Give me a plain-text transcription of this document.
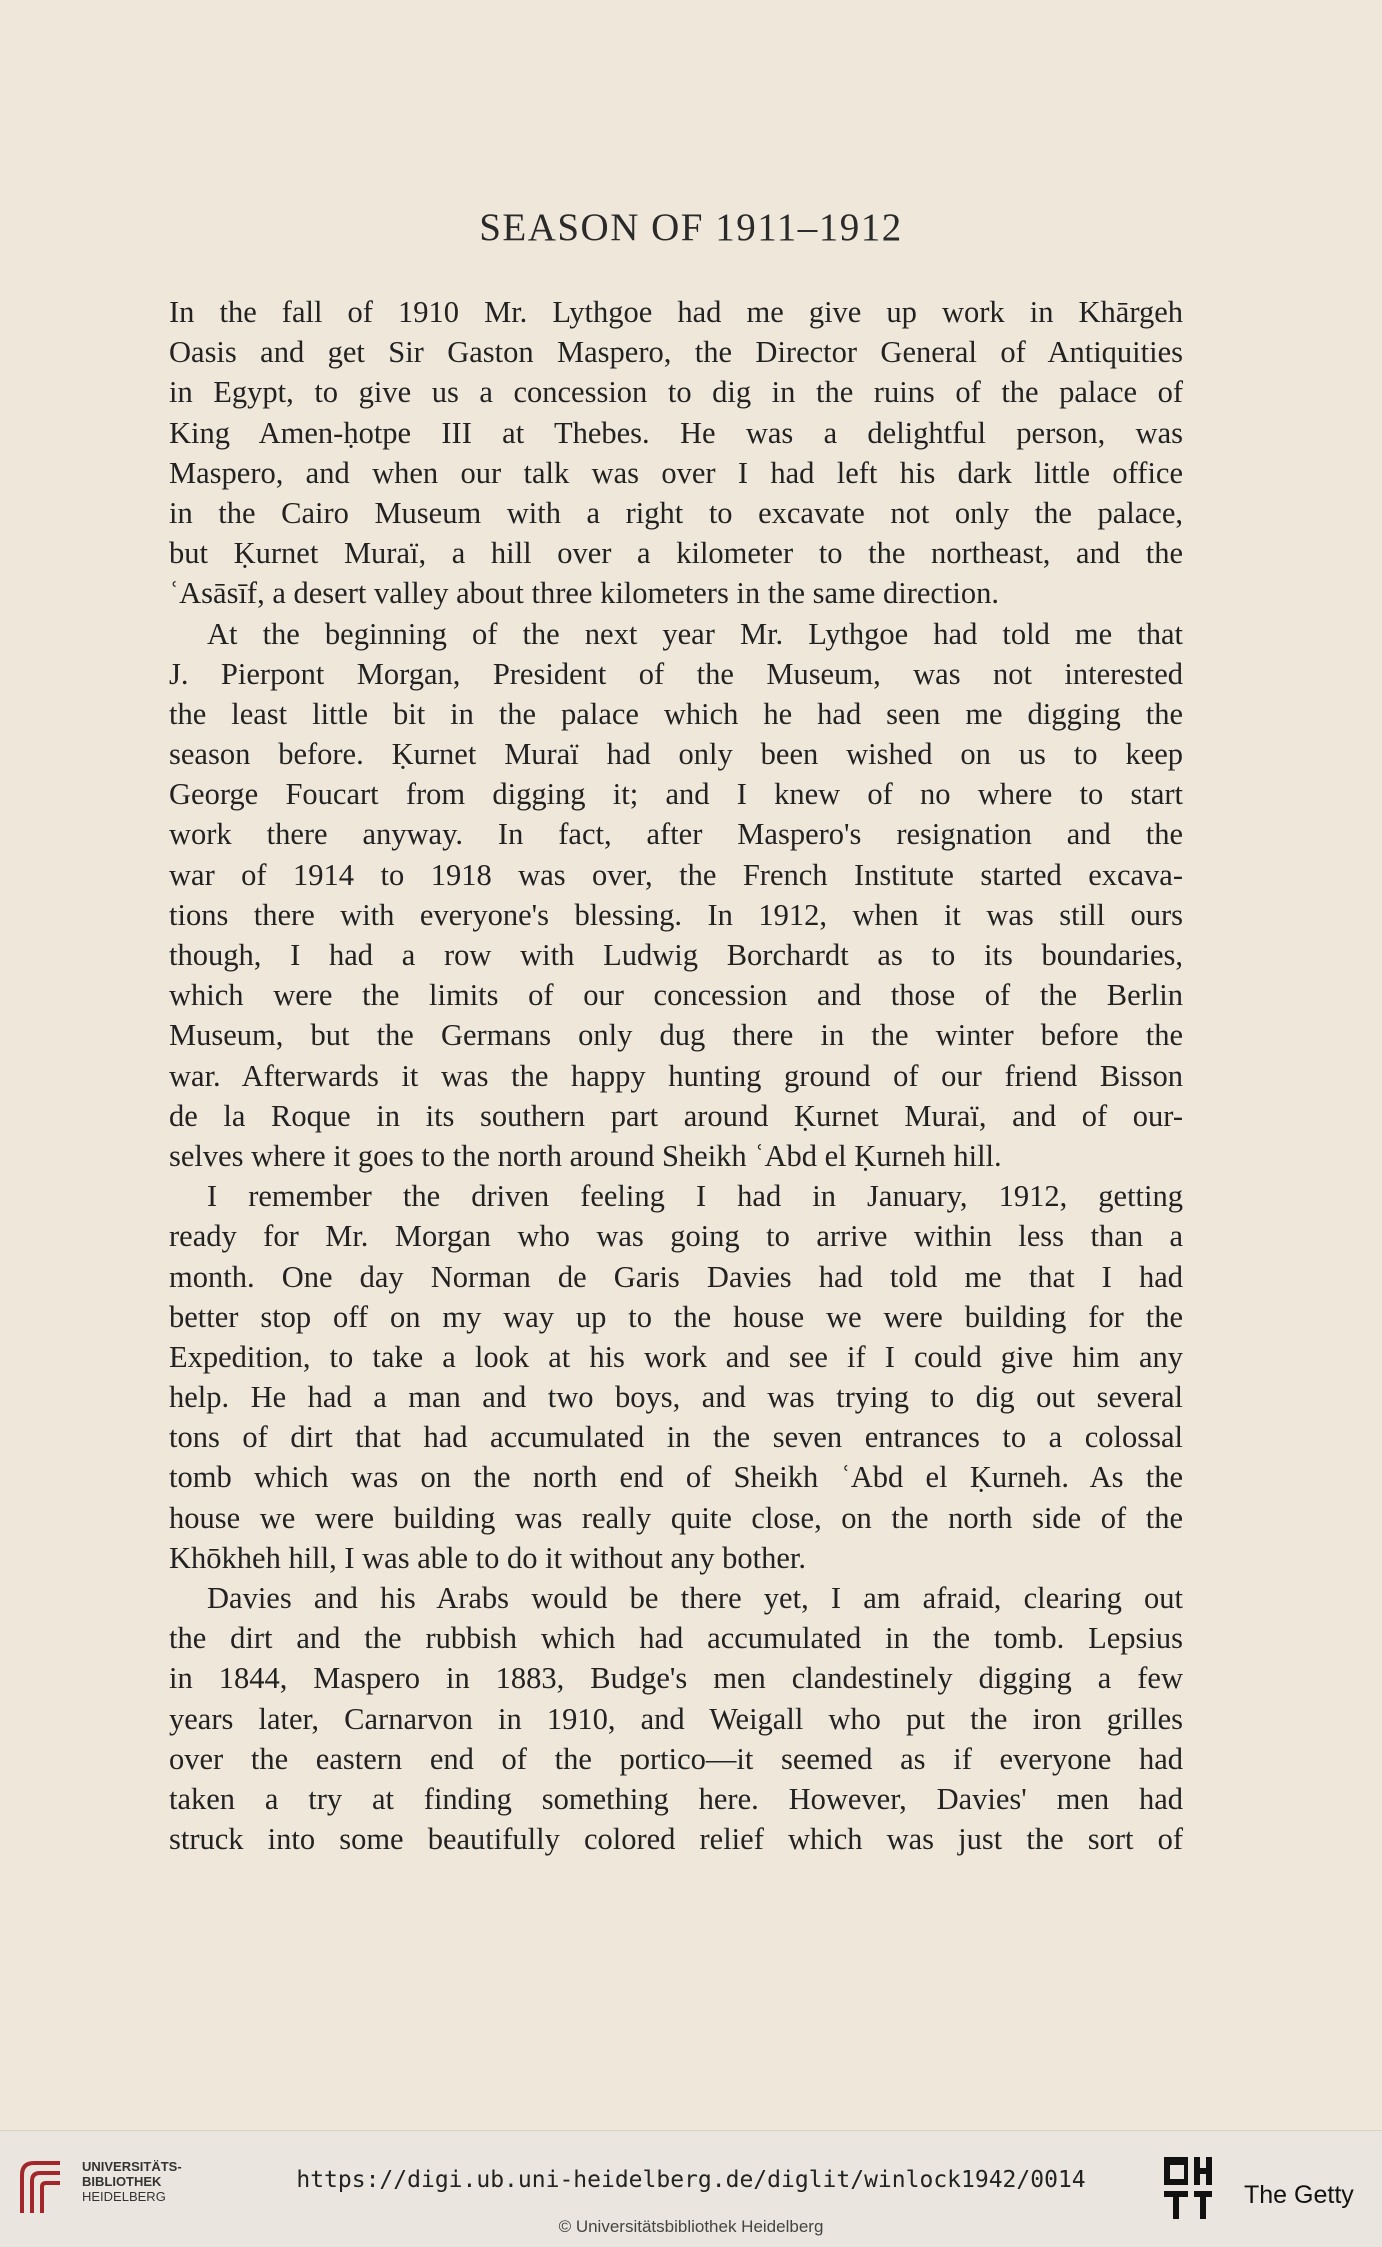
SEASON OF 1911–1912
In the fall of 1910 Mr. Lythgoe had me give up work in Khārgeh
Oasis and get Sir Gaston Maspero, the Director General of Antiquities
in Egypt, to give us a concession to dig in the ruins of the palace of
King Amen-ḥotpe III at Thebes. He was a delightful person, was
Maspero, and when our talk was over I had left his dark little office
in the Cairo Museum with a right to excavate not only the palace,
but Ḳurnet Muraï, a hill over a kilometer to the northeast, and the
ʿAsāsīf, a desert valley about three kilometers in the same direction.
At the beginning of the next year Mr. Lythgoe had told me that
J. Pierpont Morgan, President of the Museum, was not interested
the least little bit in the palace which he had seen me digging the
season before. Ḳurnet Muraï had only been wished on us to keep
George Foucart from digging it; and I knew of no where to start
work there anyway. In fact, after Maspero's resignation and the
war of 1914 to 1918 was over, the French Institute started excava-
tions there with everyone's blessing. In 1912, when it was still ours
though, I had a row with Ludwig Borchardt as to its boundaries,
which were the limits of our concession and those of the Berlin
Museum, but the Germans only dug there in the winter before the
war. Afterwards it was the happy hunting ground of our friend Bisson
de la Roque in its southern part around Ḳurnet Muraï, and of our-
selves where it goes to the north around Sheikh ʿAbd el Ḳurneh hill.
I remember the driven feeling I had in January, 1912, getting
ready for Mr. Morgan who was going to arrive within less than a
month. One day Norman de Garis Davies had told me that I had
better stop off on my way up to the house we were building for the
Expedition, to take a look at his work and see if I could give him any
help. He had a man and two boys, and was trying to dig out several
tons of dirt that had accumulated in the seven entrances to a colossal
tomb which was on the north end of Sheikh ʿAbd el Ḳurneh. As the
house we were building was really quite close, on the north side of the
Khōkheh hill, I was able to do it without any bother.
Davies and his Arabs would be there yet, I am afraid, clearing out
the dirt and the rubbish which had accumulated in the tomb. Lepsius
in 1844, Maspero in 1883, Budge's men clandestinely digging a few
years later, Carnarvon in 1910, and Weigall who put the iron grilles
over the eastern end of the portico—it seemed as if everyone had
taken a try at finding something here. However, Davies' men had
struck into some beautifully colored relief which was just the sort of
UNIVERSITÄTS-
BIBLIOTHEK
HEIDELBERG
https://digi.ub.uni-heidelberg.de/diglit/winlock1942/0014
© Universitätsbibliothek Heidelberg
The Getty
